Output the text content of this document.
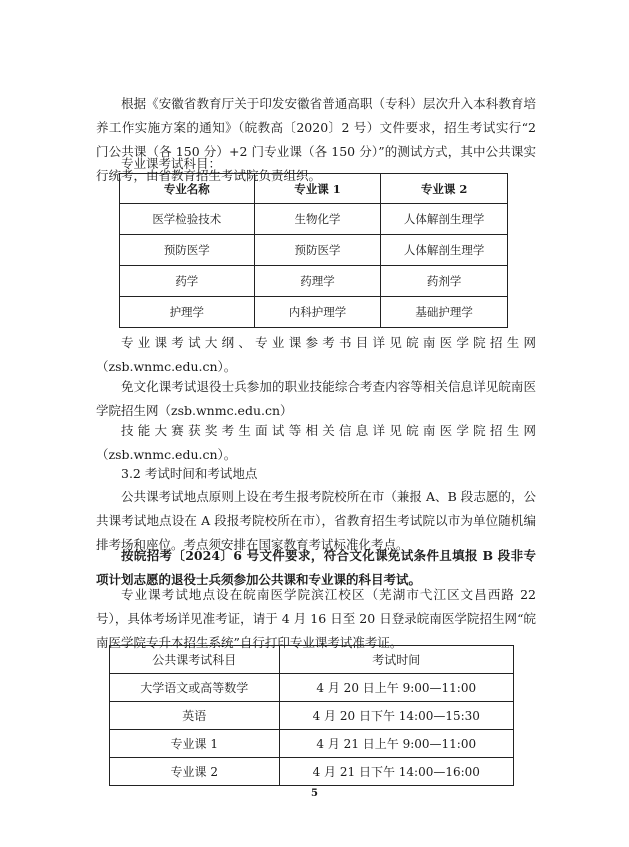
根据《安徽省教育厅关于印发安徽省普通高职（专科）层次升入本科教育培养工作实施方案的通知》（皖教高〔2020〕2 号）文件要求，招生考试实行“2 门公共课（各 150 分）+2 门专业课（各 150 分）”的测试方式，其中公共课实行统考，由省教育招生考试院负责组织。

专业课考试科目：

专业名称	专业课 1	专业课 2
医学检验技术	生物化学	人体解剖生理学
预防医学	预防医学	人体解剖生理学
药学	药理学	药剂学
护理学	内科护理学	基础护理学

专业课考试大纲、专业课参考书目详见皖南医学院招生网（zsb.wnmc.edu.cn）。

免文化课考试退役士兵参加的职业技能综合考查内容等相关信息详见皖南医学院招生网（zsb.wnmc.edu.cn）

技能大赛获奖考生面试等相关信息详见皖南医学院招生网（zsb.wnmc.edu.cn）。

3.2 考试时间和考试地点

公共课考试地点原则上设在考生报考院校所在市（兼报 A、B 段志愿的，公共课考试地点设在 A 段报考院校所在市），省教育招生考试院以市为单位随机编排考场和座位。考点须安排在国家教育考试标准化考点。

按皖招考〔2024〕6 号文件要求，符合文化课免试条件且填报 B 段非专项计划志愿的退役士兵须参加公共课和专业课的科目考试。

专业课考试地点设在皖南医学院滨江校区（芜湖市弋江区文昌西路 22 号），具体考场详见准考证，请于 4 月 16 日至 20 日登录皖南医学院招生网“皖南医学院专升本招生系统”自行打印专业课考试准考证。

公共课考试科目	考试时间
大学语文或高等数学	4 月 20 日上午 9:00—11:00
英语	4 月 20 日下午 14:00—15:30
专业课 1	4 月 21 日上午 9:00—11:00
专业课 2	4 月 21 日下午 14:00—16:00
5
